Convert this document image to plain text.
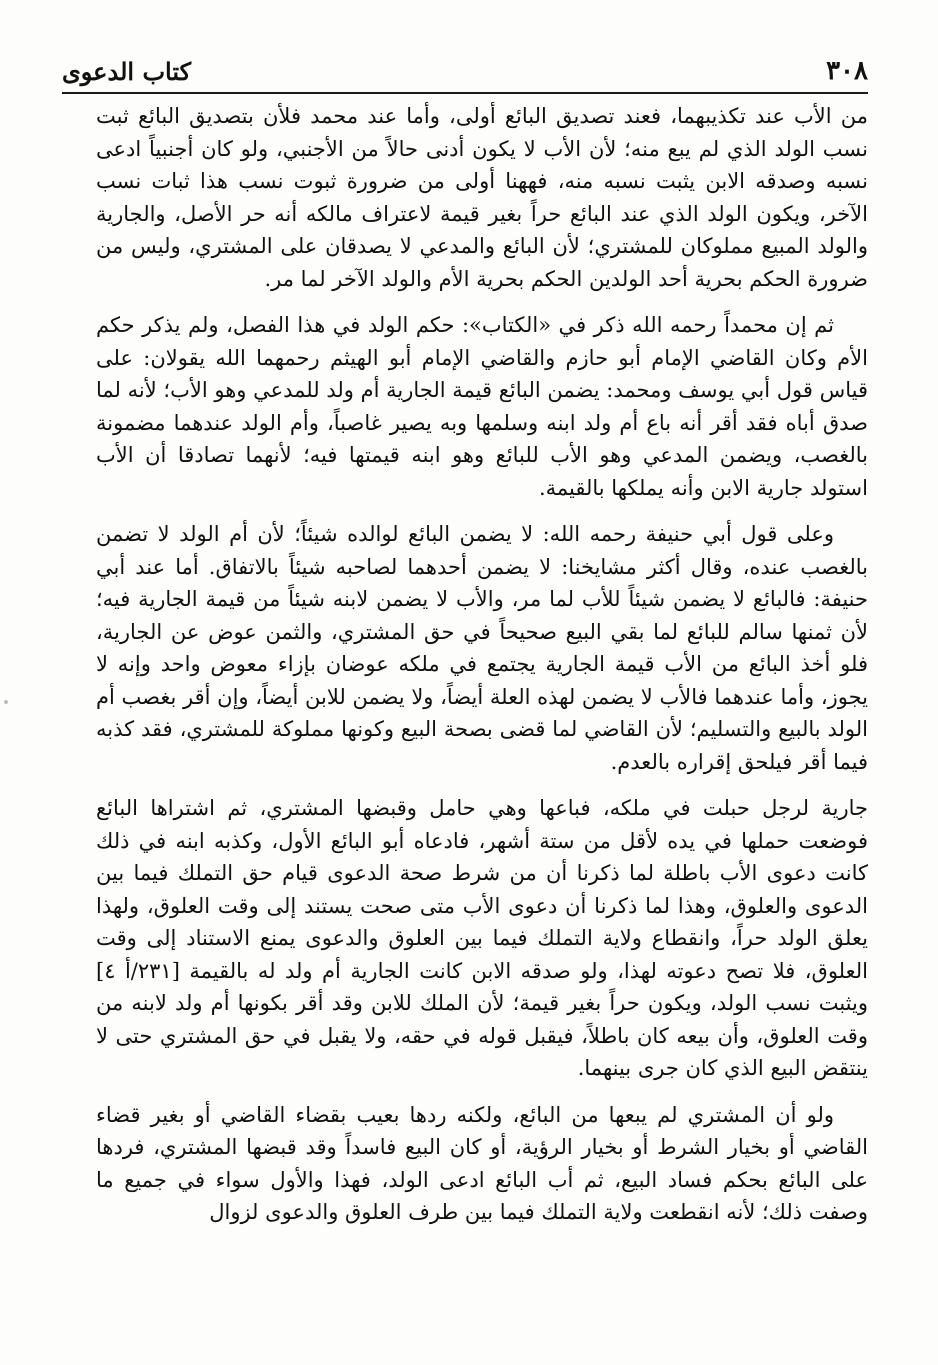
٣٠٨
كتاب الدعوى

من الأب عند تكذيبهما، فعند تصديق البائع أولى، وأما عند محمد فلأن بتصديق البائع ثبت نسب الولد الذي لم يبع منه؛ لأن الأب لا يكون أدنى حالاً من الأجنبي، ولو كان أجنبياً ادعى نسبه وصدقه الابن يثبت نسبه منه، فههنا أولى من ضرورة ثبوت نسب هذا ثبات نسب الآخر، ويكون الولد الذي عند البائع حراً بغير قيمة لاعتراف مالكه أنه حر الأصل، والجارية والولد المبيع مملوكان للمشتري؛ لأن البائع والمدعي لا يصدقان على المشتري، وليس من ضرورة الحكم بحرية أحد الولدين الحكم بحرية الأم والولد الآخر لما مر.

ثم إن محمداً رحمه الله ذكر في «الكتاب»: حكم الولد في هذا الفصل، ولم يذكر حكم الأم وكان القاضي الإمام أبو حازم والقاضي الإمام أبو الهيثم رحمهما الله يقولان: على قياس قول أبي يوسف ومحمد: يضمن البائع قيمة الجارية أم ولد للمدعي وهو الأب؛ لأنه لما صدق أباه فقد أقر أنه باع أم ولد ابنه وسلمها وبه يصير غاصباً، وأم الولد عندهما مضمونة بالغصب، ويضمن المدعي وهو الأب للبائع وهو ابنه قيمتها فيه؛ لأنهما تصادقا أن الأب استولد جارية الابن وأنه يملكها بالقيمة.

وعلى قول أبي حنيفة رحمه الله: لا يضمن البائع لوالده شيئاً؛ لأن أم الولد لا تضمن بالغصب عنده، وقال أكثر مشايخنا: لا يضمن أحدهما لصاحبه شيئاً بالاتفاق. أما عند أبي حنيفة: فالبائع لا يضمن شيئاً للأب لما مر، والأب لا يضمن لابنه شيئاً من قيمة الجارية فيه؛ لأن ثمنها سالم للبائع لما بقي البيع صحيحاً في حق المشتري، والثمن عوض عن الجارية، فلو أخذ البائع من الأب قيمة الجارية يجتمع في ملكه عوضان بإزاء معوض واحد وإنه لا يجوز، وأما عندهما فالأب لا يضمن لهذه العلة أيضاً، ولا يضمن للابن أيضاً، وإن أقر بغصب أم الولد بالبيع والتسليم؛ لأن القاضي لما قضى بصحة البيع وكونها مملوكة للمشتري، فقد كذبه فيما أقر فيلحق إقراره بالعدم.

جارية لرجل حبلت في ملكه، فباعها وهي حامل وقبضها المشتري، ثم اشتراها البائع فوضعت حملها في يده لأقل من ستة أشهر، فادعاه أبو البائع الأول، وكذبه ابنه في ذلك كانت دعوى الأب باطلة لما ذكرنا أن من شرط صحة الدعوى قيام حق التملك فيما بين الدعوى والعلوق، وهذا لما ذكرنا أن دعوى الأب متى صحت يستند إلى وقت العلوق، ولهذا يعلق الولد حراً، وانقطاع ولاية التملك فيما بين العلوق والدعوى يمنع الاستناد إلى وقت العلوق، فلا تصح دعوته لهذا، ولو صدقه الابن كانت الجارية أم ولد له بالقيمة [٢٣١/أ ٤] ويثبت نسب الولد، ويكون حراً بغير قيمة؛ لأن الملك للابن وقد أقر بكونها أم ولد لابنه من وقت العلوق، وأن بيعه كان باطلاً، فيقبل قوله في حقه، ولا يقبل في حق المشتري حتى لا ينتقض البيع الذي كان جرى بينهما.

ولو أن المشتري لم يبعها من البائع، ولكنه ردها بعيب بقضاء القاضي أو بغير قضاء القاضي أو بخيار الشرط أو بخيار الرؤية، أو كان البيع فاسداً وقد قبضها المشتري، فردها على البائع بحكم فساد البيع، ثم أب البائع ادعى الولد، فهذا والأول سواء في جميع ما وصفت ذلك؛ لأنه انقطعت ولاية التملك فيما بين طرف العلوق والدعوى لزوال
